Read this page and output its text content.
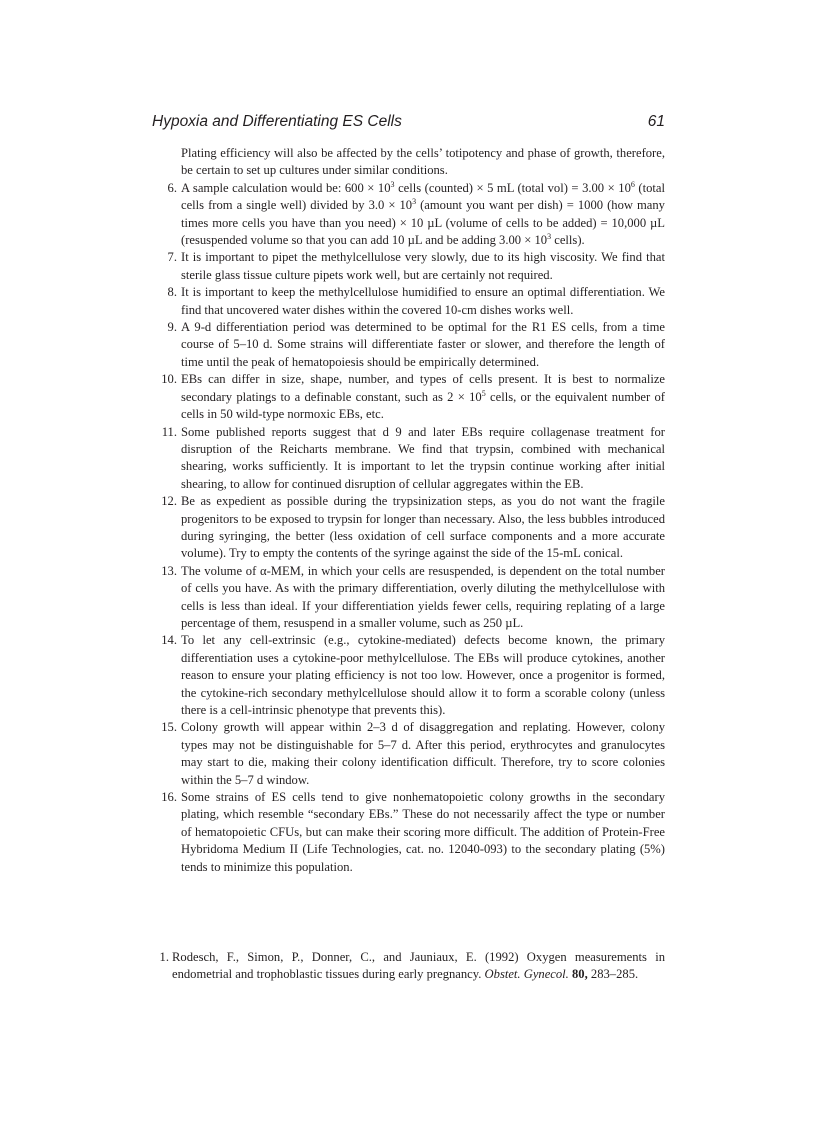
Hypoxia and Differentiating ES Cells	61

Plating efficiency will also be affected by the cells’ totipotency and phase of growth, therefore, be certain to set up cultures under similar conditions.

6. A sample calculation would be: $600 \times 10^3$ cells (counted) × 5 mL (total $vol) = 3.00 \times 10^6$ (total cells from a single well) divided by $3.0 \times 10^3$ (amount you want per dish) = 1000 (how many times more cells you have than you need) × 10 µL (volume of cells to be added) = 10,000 µL (resuspended volume so that you can add 10 µL and be adding $3.00 \times 10^3$ cells).

7. It is important to pipet the methylcellulose very slowly, due to its high viscosity. We find that sterile glass tissue culture pipets work well, but are certainly not required.

8. It is important to keep the methylcellulose humidified to ensure an optimal differentiation. We find that uncovered water dishes within the covered 10-cm dishes works well.

9. A 9-d differentiation period was determined to be optimal for the R1 ES cells, from a time course of 5–10 d. Some strains will differentiate faster or slower, and therefore the length of time until the peak of hematopoiesis should be empirically determined.

10. EBs can differ in size, shape, number, and types of cells present. It is best to normalize secondary platings to a definable constant, such as $2 \times 10^5$ cells, or the equivalent number of cells in 50 wild-type normoxic EBs, etc.

11. Some published reports suggest that d 9 and later EBs require collagenase treatment for disruption of the Reicharts membrane. We find that trypsin, combined with mechanical shearing, works sufficiently. It is important to let the trypsin continue working after initial shearing, to allow for continued disruption of cellular aggregates within the EB.

12. Be as expedient as possible during the trypsinization steps, as you do not want the fragile progenitors to be exposed to trypsin for longer than necessary. Also, the less bubbles introduced during syringing, the better (less oxidation of cell surface components and a more accurate volume). Try to empty the contents of the syringe against the side of the 15-mL conical.

13. The volume of α-MEM, in which your cells are resuspended, is dependent on the total number of cells you have. As with the primary differentiation, overly diluting the methylcellulose with cells is less than ideal. If your differentiation yields fewer cells, requiring replating of a large percentage of them, resuspend in a smaller volume, such as 250 µL.

14. To let any cell-extrinsic (e.g., cytokine-mediated) defects become known, the primary differentiation uses a cytokine-poor methylcellulose. The EBs will produce cytokines, another reason to ensure your plating efficiency is not too low. However, once a progenitor is formed, the cytokine-rich secondary methylcellulose should allow it to form a scorable colony (unless there is a cell-intrinsic phenotype that prevents this).

15. Colony growth will appear within 2–3 d of disaggregation and replating. However, colony types may not be distinguishable for 5–7 d. After this period, erythrocytes and granulocytes may start to die, making their colony identification difficult. Therefore, try to score colonies within the 5–7 d window.

16. Some strains of ES cells tend to give nonhematopoietic colony growths in the secondary plating, which resemble “secondary EBs.” These do not necessarily affect the type or number of hematopoietic CFUs, but can make their scoring more difficult. The addition of Protein-Free Hybridoma Medium II (Life Technologies, cat. no. 12040-093) to the secondary plating (5%) tends to minimize this population.

1. Rodesch, F., Simon, P., Donner, C., and Jauniaux, E. (1992) Oxygen measurements in endometrial and trophoblastic tissues during early pregnancy. Obstet. Gynecol. 80, 283–285.
